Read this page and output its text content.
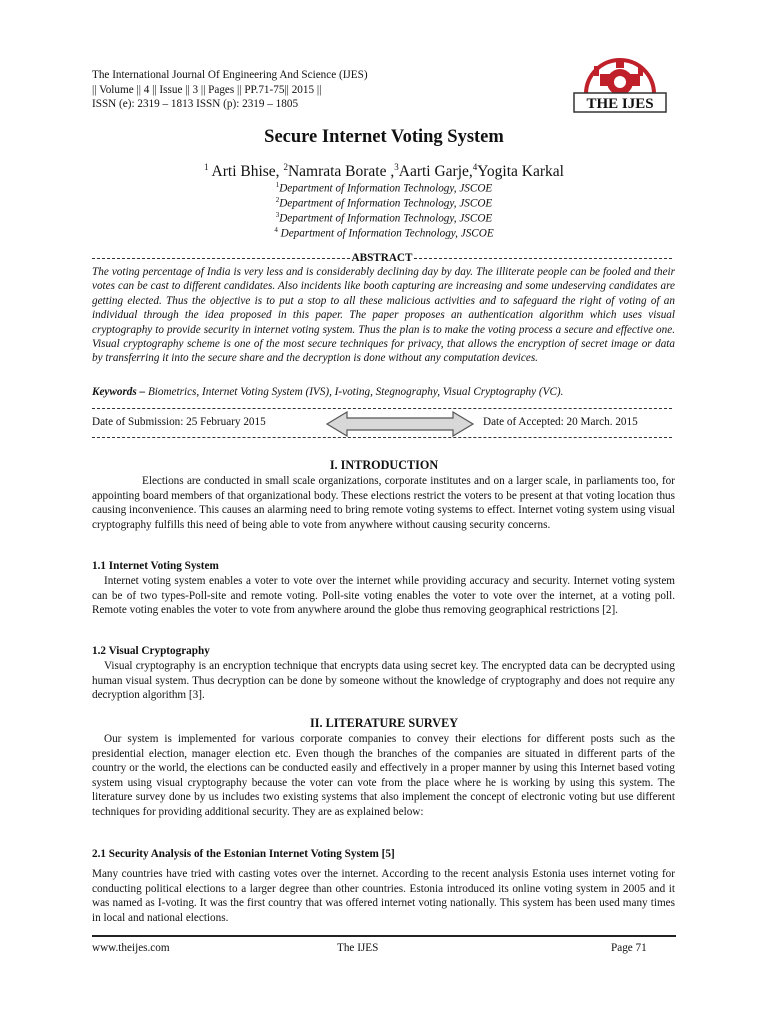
The International Journal Of Engineering And Science (IJES)
|| Volume || 4 || Issue || 3 || Pages || PP.71-75|| 2015 ||
ISSN (e): 2319 – 1813 ISSN (p): 2319 – 1805	THE IJES
Secure Internet Voting System
$^1$ Arti Bhise, $^2$Namrata Borate ,$^3$Aarti Garje,$^4$Yogita Karkal
$^1$Department of Information Technology, JSCOE
$^2$Department of Information Technology, JSCOE
$^3$Department of Information Technology, JSCOE
$^4$ Department of Information Technology, JSCOE
ABSTRACT
The voting percentage of India is very less and is considerably declining day by day. The illiterate people can be fooled and their votes can be cast to different candidates. Also incidents like booth capturing are increasing and some undeserving candidates are getting elected. Thus the objective is to put a stop to all these malicious activities and to safeguard the right of voting of an individual through the idea proposed in this paper. The paper proposes an authentication algorithm which uses visual cryptography to provide security in internet voting system. Thus the plan is to make the voting process a secure and effective one. Visual cryptography scheme is one of the most secure techniques for privacy, that allows the encryption of secret image or data by transferring it into the secure share and the decryption is done without any computation devices.
Keywords – Biometrics, Internet Voting System (IVS), I-voting, Stegnography, Visual Cryptography (VC).
Date of Submission: 25 February 2015	Date of Accepted: 20 March. 2015
I. INTRODUCTION
Elections are conducted in small scale organizations, corporate institutes and on a larger scale, in parliaments too, for appointing board members of that organizational body. These elections restrict the voters to be present at that voting location thus causing inconvenience. This causes an alarming need to bring remote voting systems to effect. Internet voting system using visual cryptography fulfills this need of being able to vote from anywhere without causing security concerns.
1.1 Internet Voting System
Internet voting system enables a voter to vote over the internet while providing accuracy and security. Internet voting system can be of two types-Poll-site and remote voting. Poll-site voting enables the voter to vote over the internet, at a voting poll. Remote voting enables the voter to vote from anywhere around the globe thus removing geographical restrictions [2].
1.2 Visual Cryptography
Visual cryptography is an encryption technique that encrypts data using secret key. The encrypted data can be decrypted using human visual system. Thus decryption can be done by someone without the knowledge of cryptography and does not require any decryption algorithm [3].
II. LITERATURE SURVEY
Our system is implemented for various corporate companies to convey their elections for different posts such as the presidential election, manager election etc. Even though the branches of the companies are situated in different parts of the country or the world, the elections can be conducted easily and effectively in a proper manner by using this Internet based voting system using visual cryptography because the voter can vote from the place where he is working by using this system. The literature survey done by us includes two existing systems that also implement the concept of electronic voting but use different techniques for providing additional security. They are as explained below:
2.1 Security Analysis of the Estonian Internet Voting System [5]
Many countries have tried with casting votes over the internet. According to the recent analysis Estonia uses internet voting for conducting political elections to a larger degree than other countries. Estonia introduced its online voting system in 2005 and it was named as I-voting. It was the first country that was offered internet voting nationally. This system has been used many times in local and national elections.
www.theijes.com	The IJES	Page 71
